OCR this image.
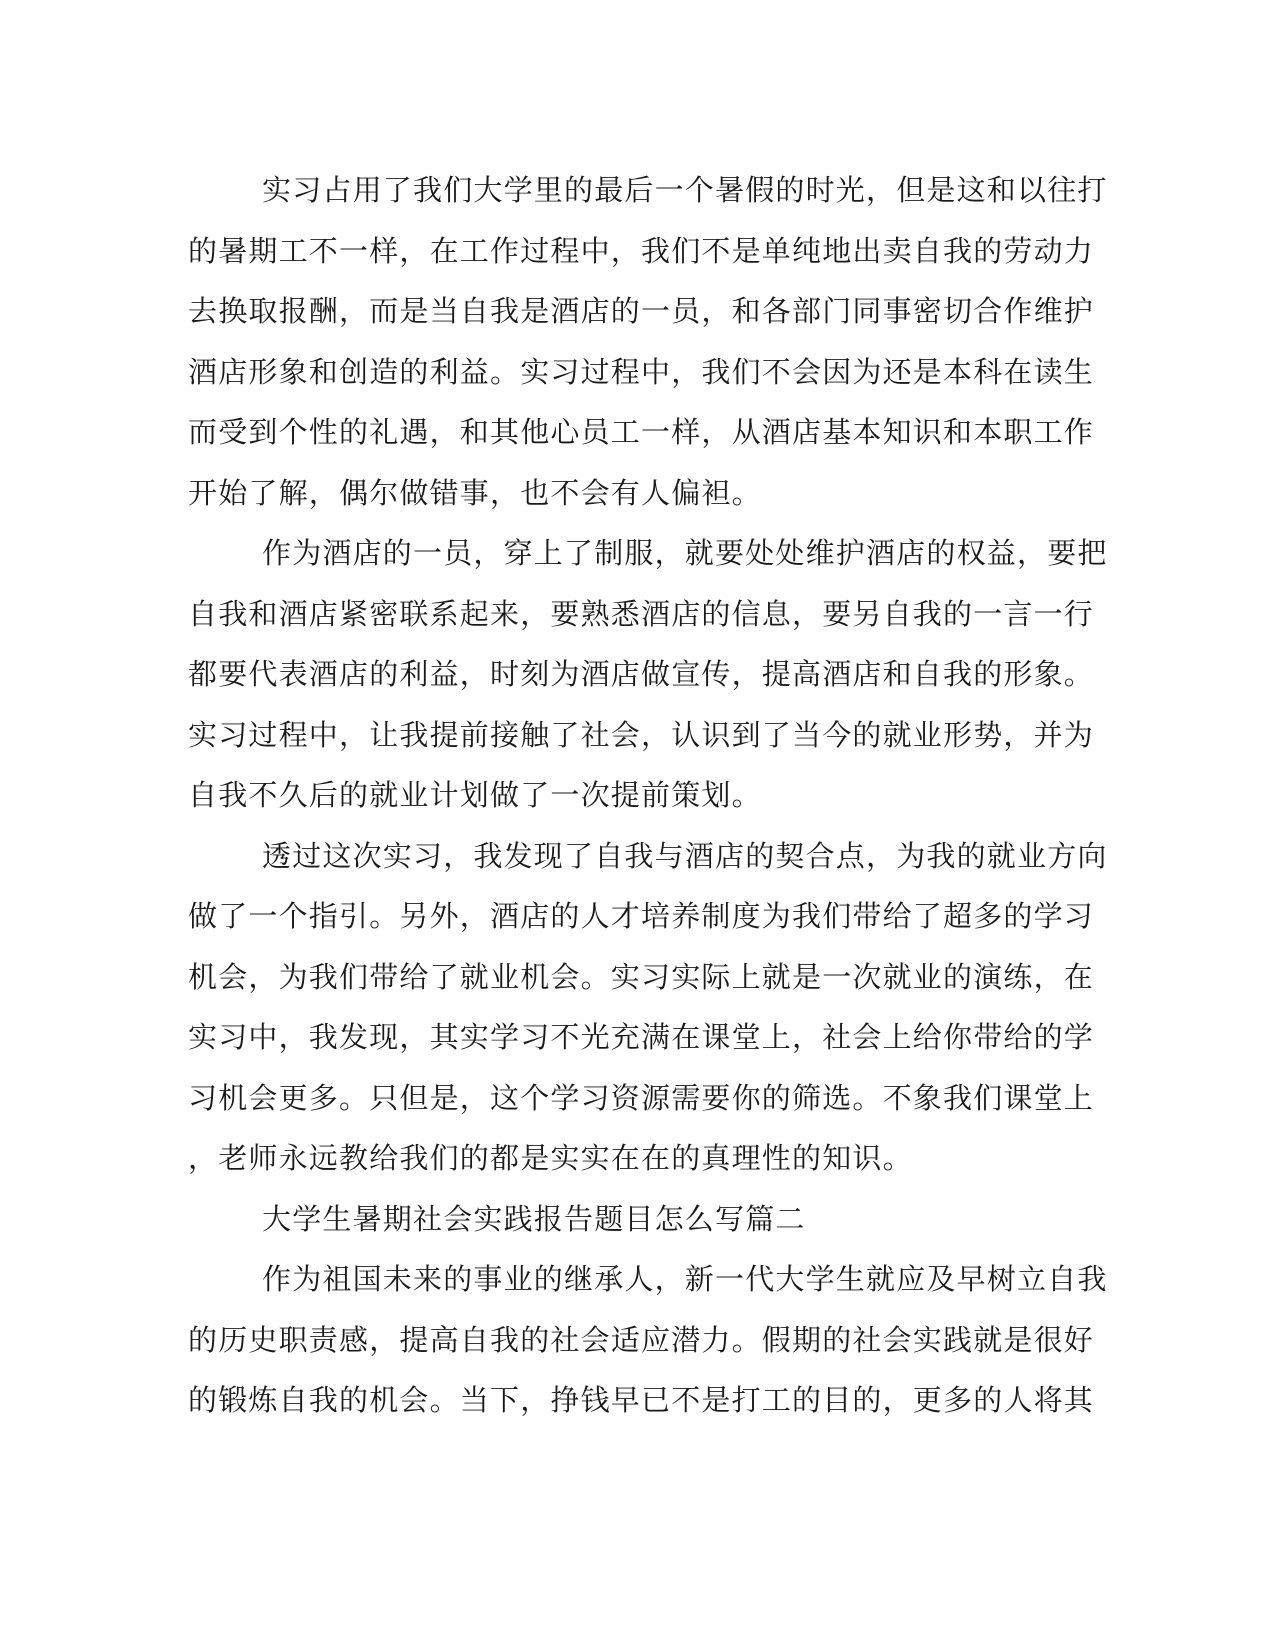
实习占用了我们大学里的最后一个暑假的时光，但是这和以往打
的暑期工不一样，在工作过程中，我们不是单纯地出卖自我的劳动力
去换取报酬，而是当自我是酒店的一员，和各部门同事密切合作维护
酒店形象和创造的利益。实习过程中，我们不会因为还是本科在读生
而受到个性的礼遇，和其他心员工一样，从酒店基本知识和本职工作
开始了解，偶尔做错事，也不会有人偏袒。
作为酒店的一员，穿上了制服，就要处处维护酒店的权益，要把
自我和酒店紧密联系起来，要熟悉酒店的信息，要另自我的一言一行
都要代表酒店的利益，时刻为酒店做宣传，提高酒店和自我的形象。
实习过程中，让我提前接触了社会，认识到了当今的就业形势，并为
自我不久后的就业计划做了一次提前策划。
透过这次实习，我发现了自我与酒店的契合点，为我的就业方向
做了一个指引。另外，酒店的人才培养制度为我们带给了超多的学习
机会，为我们带给了就业机会。实习实际上就是一次就业的演练，在
实习中，我发现，其实学习不光充满在课堂上，社会上给你带给的学
习机会更多。只但是，这个学习资源需要你的筛选。不象我们课堂上
，老师永远教给我们的都是实实在在的真理性的知识。
大学生暑期社会实践报告题目怎么写篇二
作为祖国未来的事业的继承人，新一代大学生就应及早树立自我
的历史职责感，提高自我的社会适应潜力。假期的社会实践就是很好
的锻炼自我的机会。当下，挣钱早已不是打工的目的，更多的人将其
